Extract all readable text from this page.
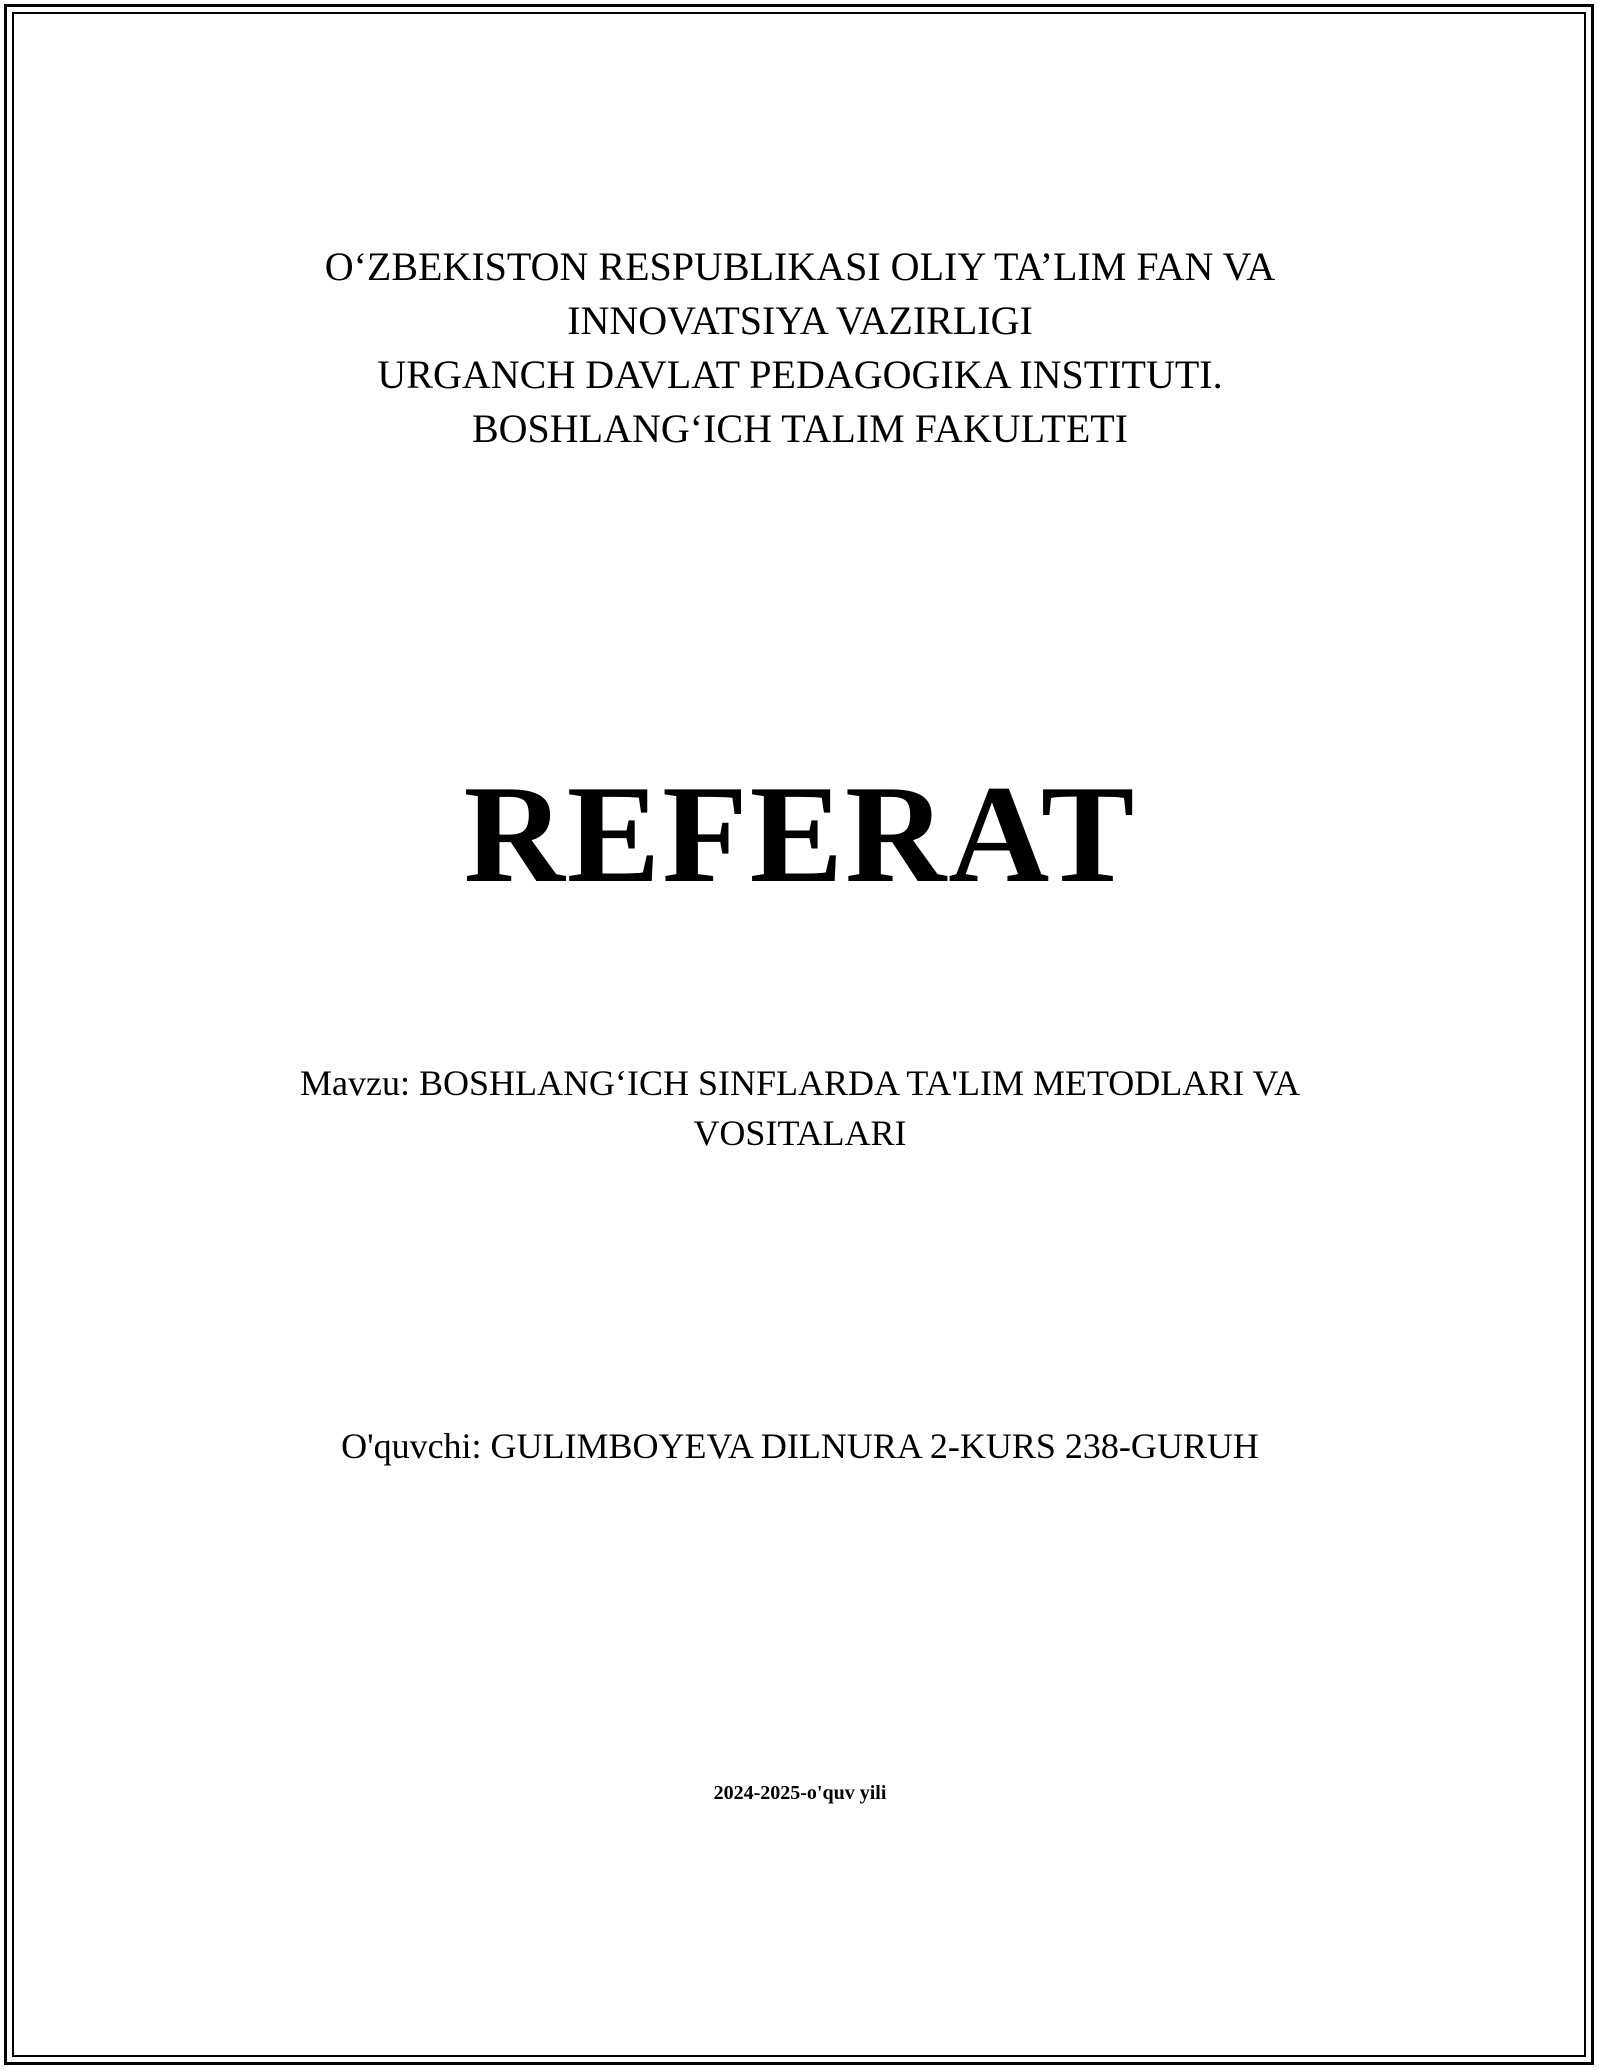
O‘ZBEKISTON RESPUBLIKASI OLIY TA’LIM FAN VA
INNOVATSIYA VAZIRLIGI
URGANCH DAVLAT PEDAGOGIKA INSTITUTI.
BOSHLANG‘ICH TALIM FAKULTETI
REFERAT
Mavzu: BOSHLANG‘ICH SINFLARDA TA'LIM METODLARI VA
VOSITALARI
O'quvchi: GULIMBOYEVA DILNURA 2-KURS 238-GURUH
2024-2025-o'quv yili
